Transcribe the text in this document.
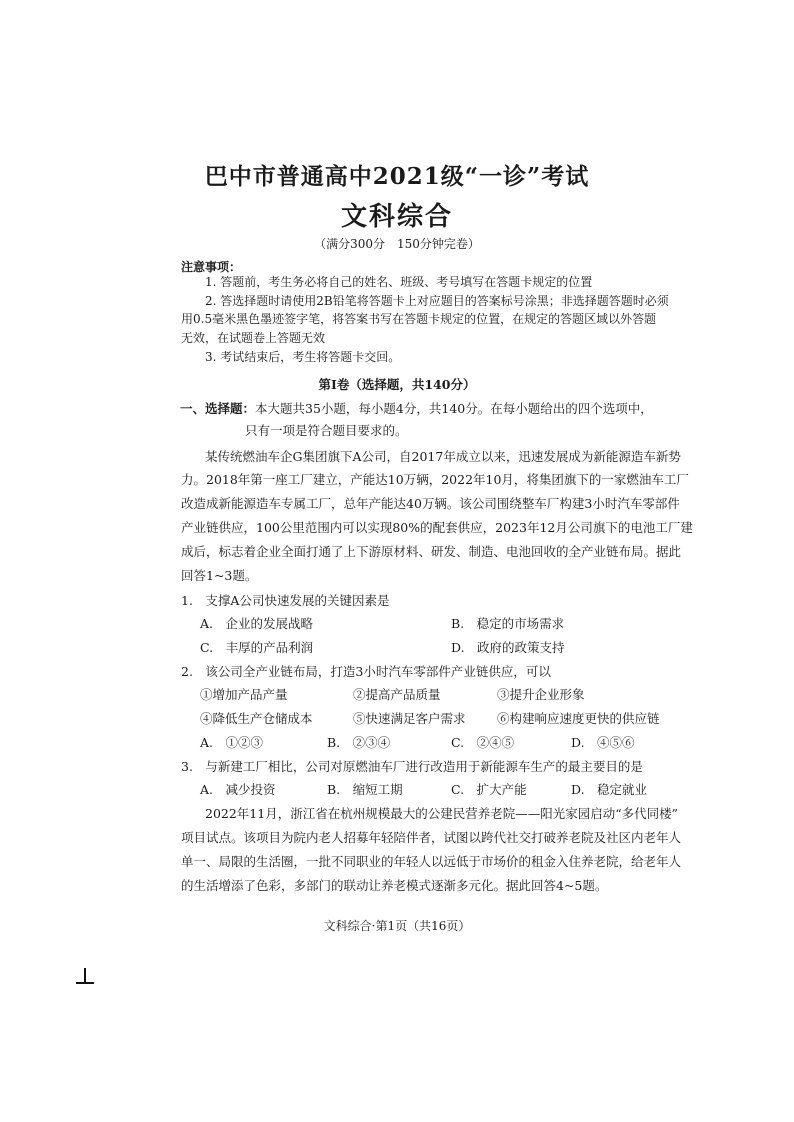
巴中市普通高中2021级“一诊”考试
文科综合
（满分300分　150分钟完卷）
注意事项：
1. 答题前，考生务必将自己的姓名、班级、考号填写在答题卡规定的位置
2. 答选择题时请使用2B铅笔将答题卡上对应题目的答案标号涂黑；非选择题答题时必须
用0.5毫米黑色墨迹签字笔，将答案书写在答题卡规定的位置，在规定的答题区域以外答题
无效，在试题卷上答题无效
3. 考试结束后，考生将答题卡交回。
第Ⅰ卷（选择题，共140分）
一、选择题：本大题共35小题，每小题4分，共140分。在每小题给出的四个选项中，
只有一项是符合题目要求的。
某传统燃油车企G集团旗下A公司，自2017年成立以来，迅速发展成为新能源造车新势
力。2018年第一座工厂建立，产能达10万辆，2022年10月，将集团旗下的一家燃油车工厂
改造成新能源造车专属工厂，总年产能达40万辆。该公司围绕整车厂构建3小时汽车零部件
产业链供应，100公里范围内可以实现80%的配套供应，2023年12月公司旗下的电池工厂建
成后，标志着企业全面打通了上下游原材料、研发、制造、电池回收的全产业链布局。据此
回答1~3题。
1.　支撑A公司快速发展的关键因素是
A.　企业的发展战略	B.　稳定的市场需求
C.　丰厚的产品利润	D.　政府的政策支持
2.　该公司全产业链布局，打造3小时汽车零部件产业链供应，可以
①增加产品产量	②提高产品质量	③提升企业形象
④降低生产仓储成本	⑤快速满足客户需求	⑥构建响应速度更快的供应链
A.　①②③	B.　②③④	C.　②④⑤	D.　④⑤⑥
3.　与新建工厂相比，公司对原燃油车厂进行改造用于新能源车生产的最主要目的是
A.　减少投资	B.　缩短工期	C.　扩大产能	D.　稳定就业
2022年11月，浙江省在杭州规模最大的公建民营养老院——阳光家园启动“多代同楼”
项目试点。该项目为院内老人招募年轻陪伴者，试图以跨代社交打破养老院及社区内老年人
单一、局限的生活圈，一批不同职业的年轻人以远低于市场价的租金入住养老院，给老年人
的生活增添了色彩，多部门的联动让养老模式逐渐多元化。据此回答4~5题。
文科综合·第1页（共16页）
